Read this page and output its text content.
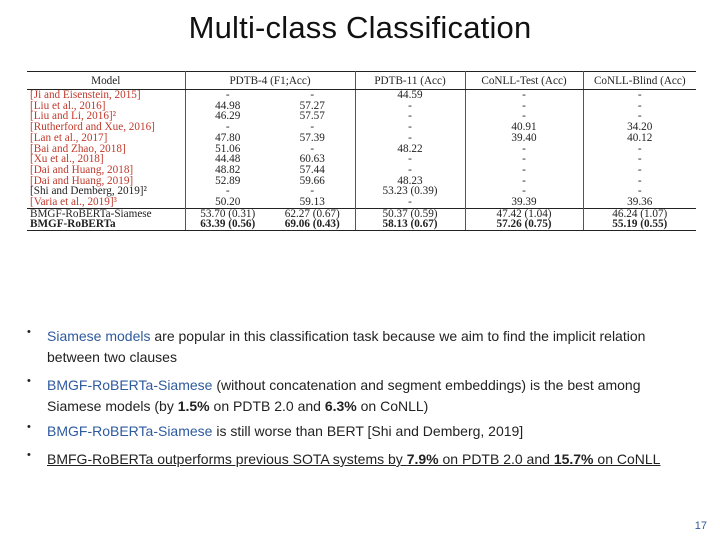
Multi-class Classification
Model	PDTB-4 (F1;Acc)		PDTB-11 (Acc)	CoNLL-Test (Acc)	CoNLL-Blind (Acc)
[Ji and Eisenstein, 2015]	-	-	44.59	-	-
[Liu et al., 2016]	44.98	57.27	-	-	-
[Liu and Li, 2016]²	46.29	57.57	-	-	-
[Rutherford and Xue, 2016]	-	-	-	40.91	34.20
[Lan et al., 2017]	47.80	57.39	-	39.40	40.12
[Bai and Zhao, 2018]	51.06	-	48.22	-	-
[Xu et al., 2018]	44.48	60.63	-	-	-
[Dai and Huang, 2018]	48.82	57.44	-	-	-
[Dai and Huang, 2019]	52.89	59.66	48.23	-	-
[Shi and Demberg, 2019]²	-	-	53.23 (0.39)	-	-
[Varia et al., 2019]³	50.20	59.13	-	39.39	39.36
BMGF-RoBERTa-Siamese	53.70 (0.31)	62.27 (0.67)	50.37 (0.59)	47.42 (1.04)	46.24 (1.07)
BMGF-RoBERTa	63.39 (0.56)	69.06 (0.43)	58.13 (0.67)	57.26 (0.75)	55.19 (0.55)
• Siamese models are popular in this classification task because we aim to find the implicit relation between two clauses
• BMGF-RoBERTa-Siamese (without concatenation and segment embeddings) is the best among Siamese models (by 1.5% on PDTB 2.0 and 6.3% on CoNLL)
• BMGF-RoBERTa-Siamese is still worse than BERT [Shi and Demberg, 2019]
• BMFG-RoBERTa outperforms previous SOTA systems by 7.9% on PDTB 2.0 and 15.7% on CoNLL
17
